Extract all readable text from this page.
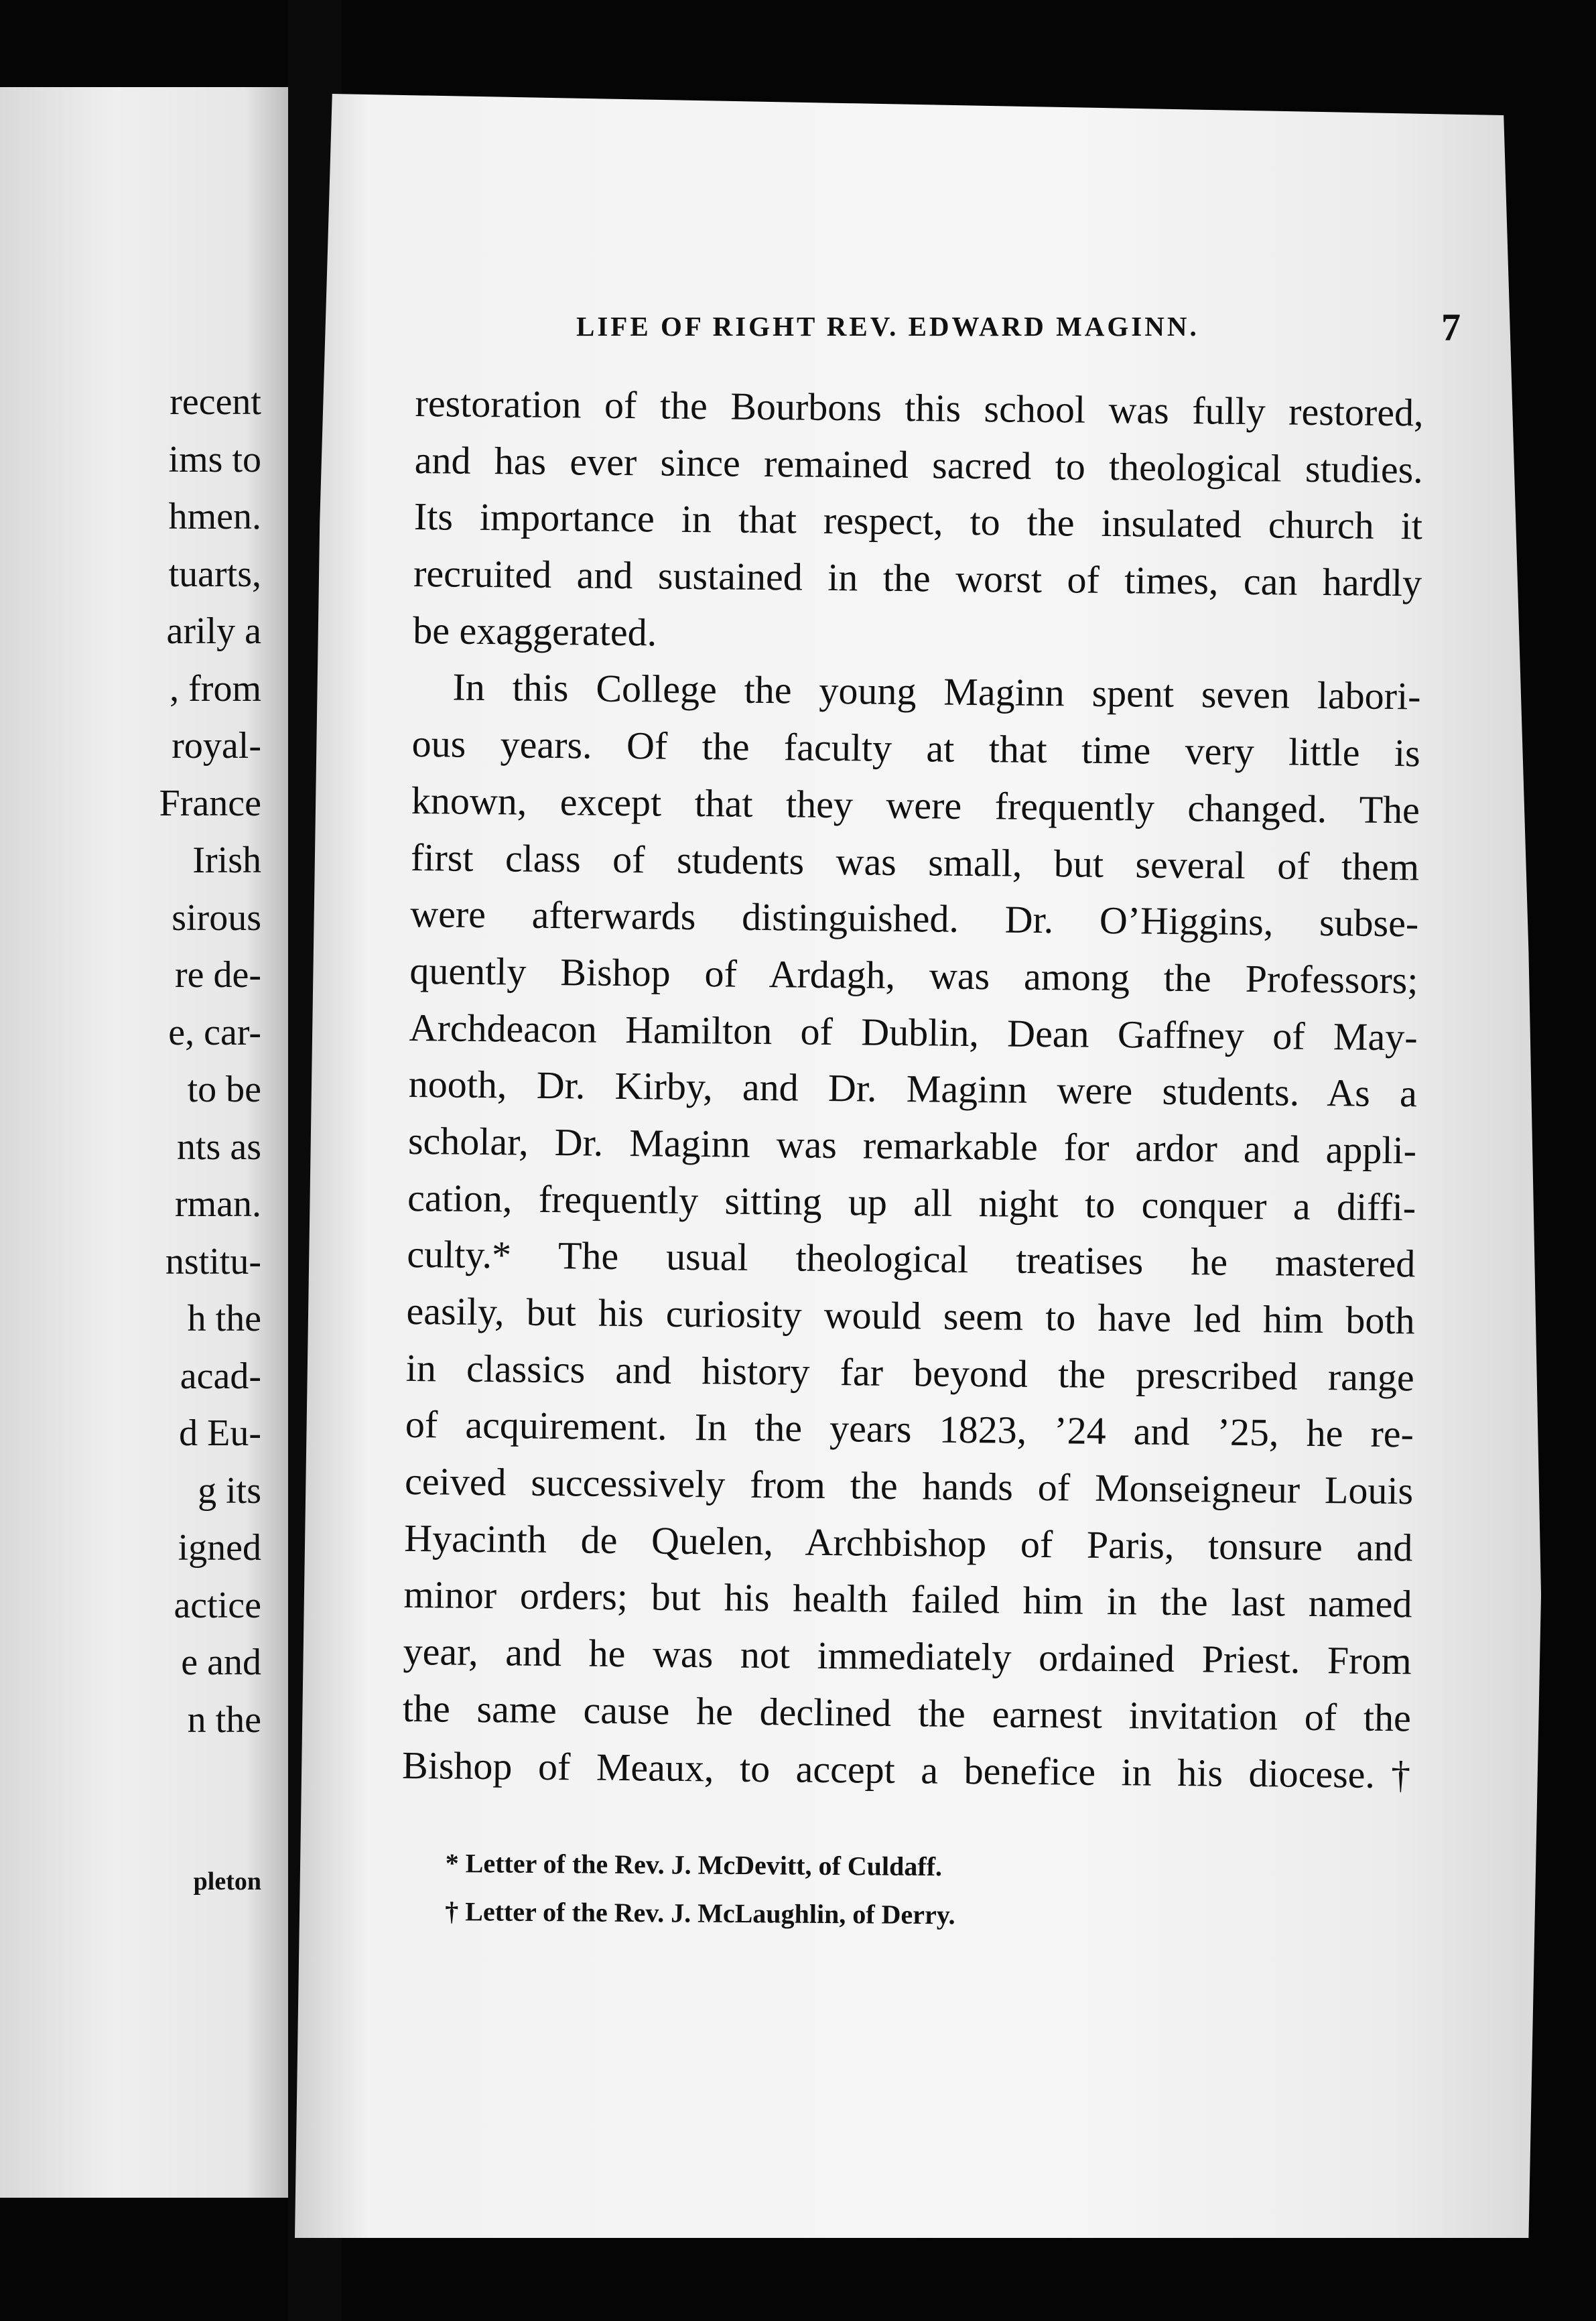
recent
ims to
hmen.
tuarts,
arily a
, from
royal-
France
Irish
sirous
re de-
e, car-
to be
nts as
rman.
nstitu-
h the
acad-
d Eu-
g its
igned
actice
e and
n the
pleton
LIFE OF RIGHT REV. EDWARD MAGINN.	7
restoration of the Bourbons this school was fully restored,
and has ever since remained sacred to theological studies.
Its importance in that respect, to the insulated church it
recruited and sustained in the worst of times, can hardly
be exaggerated.
In this College the young Maginn spent seven labori-
ous years. Of the faculty at that time very little is
known, except that they were frequently changed. The
first class of students was small, but several of them
were afterwards distinguished. Dr. O’Higgins, subse-
quently Bishop of Ardagh, was among the Professors;
Archdeacon Hamilton of Dublin, Dean Gaffney of May-
nooth, Dr. Kirby, and Dr. Maginn were students. As a
scholar, Dr. Maginn was remarkable for ardor and appli-
cation, frequently sitting up all night to conquer a diffi-
culty.* The usual theological treatises he mastered
easily, but his curiosity would seem to have led him both
in classics and history far beyond the prescribed range
of acquirement. In the years 1823, ’24 and ’25, he re-
ceived successively from the hands of Monseigneur Louis
Hyacinth de Quelen, Archbishop of Paris, tonsure and
minor orders; but his health failed him in the last named
year, and he was not immediately ordained Priest. From
the same cause he declined the earnest invitation of the
Bishop of Meaux, to accept a benefice in his diocese.†
* Letter of the Rev. J. McDevitt, of Culdaff.
† Letter of the Rev. J. McLaughlin, of Derry.
